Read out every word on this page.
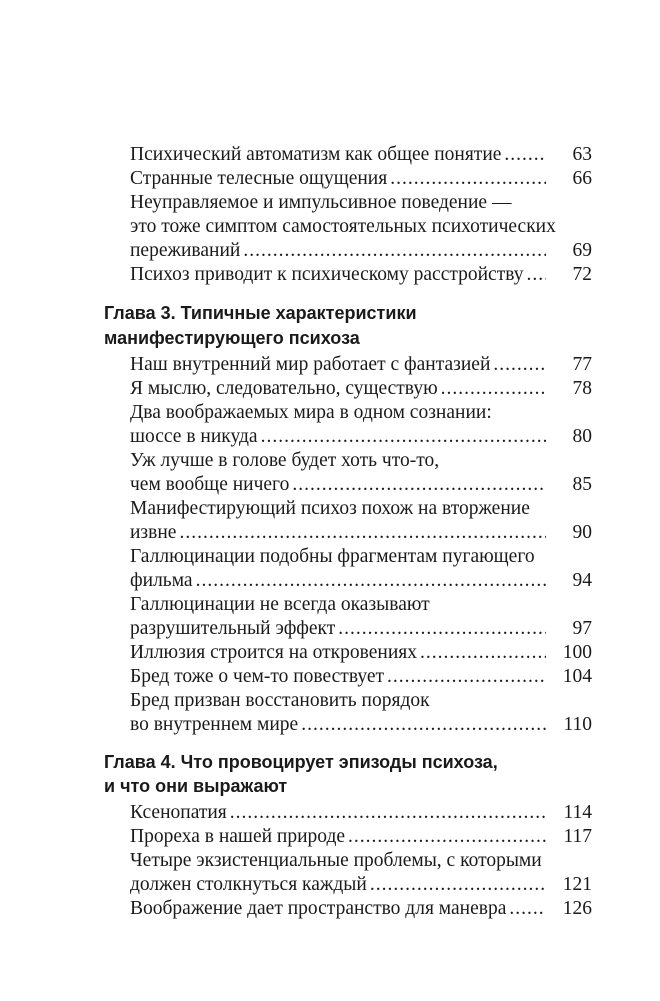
Психический автоматизм как общее понятие .....	63
Странные телесные ощущения .....	66
Неуправляемое и импульсивное поведение —
это тоже симптом самостоятельных психотических
переживаний .....	69
Психоз приводит к психическому расстройству .....	72
Глава 3. Типичные характеристики
манифестирующего психоза
Наш внутренний мир работает с фантазией .....	77
Я мыслю, следовательно, существую .....	78
Два воображаемых мира в одном сознании:
шоссе в никуда .....	80
Уж лучше в голове будет хоть что-то,
чем вообще ничего .....	85
Манифестирующий психоз похож на вторжение
извне .....	90
Галлюцинации подобны фрагментам пугающего
фильма .....	94
Галлюцинации не всегда оказывают
разрушительный эффект .....	97
Иллюзия строится на откровениях .....	100
Бред тоже о чем-то повествует .....	104
Бред призван восстановить порядок
во внутреннем мире .....	110
Глава 4. Что провоцирует эпизоды психоза,
и что они выражают
Ксенопатия .....	114
Прореха в нашей природе .....	117
Четыре экзистенциальные проблемы, с которыми
должен столкнуться каждый .....	121
Воображение дает пространство для маневра .....	126
